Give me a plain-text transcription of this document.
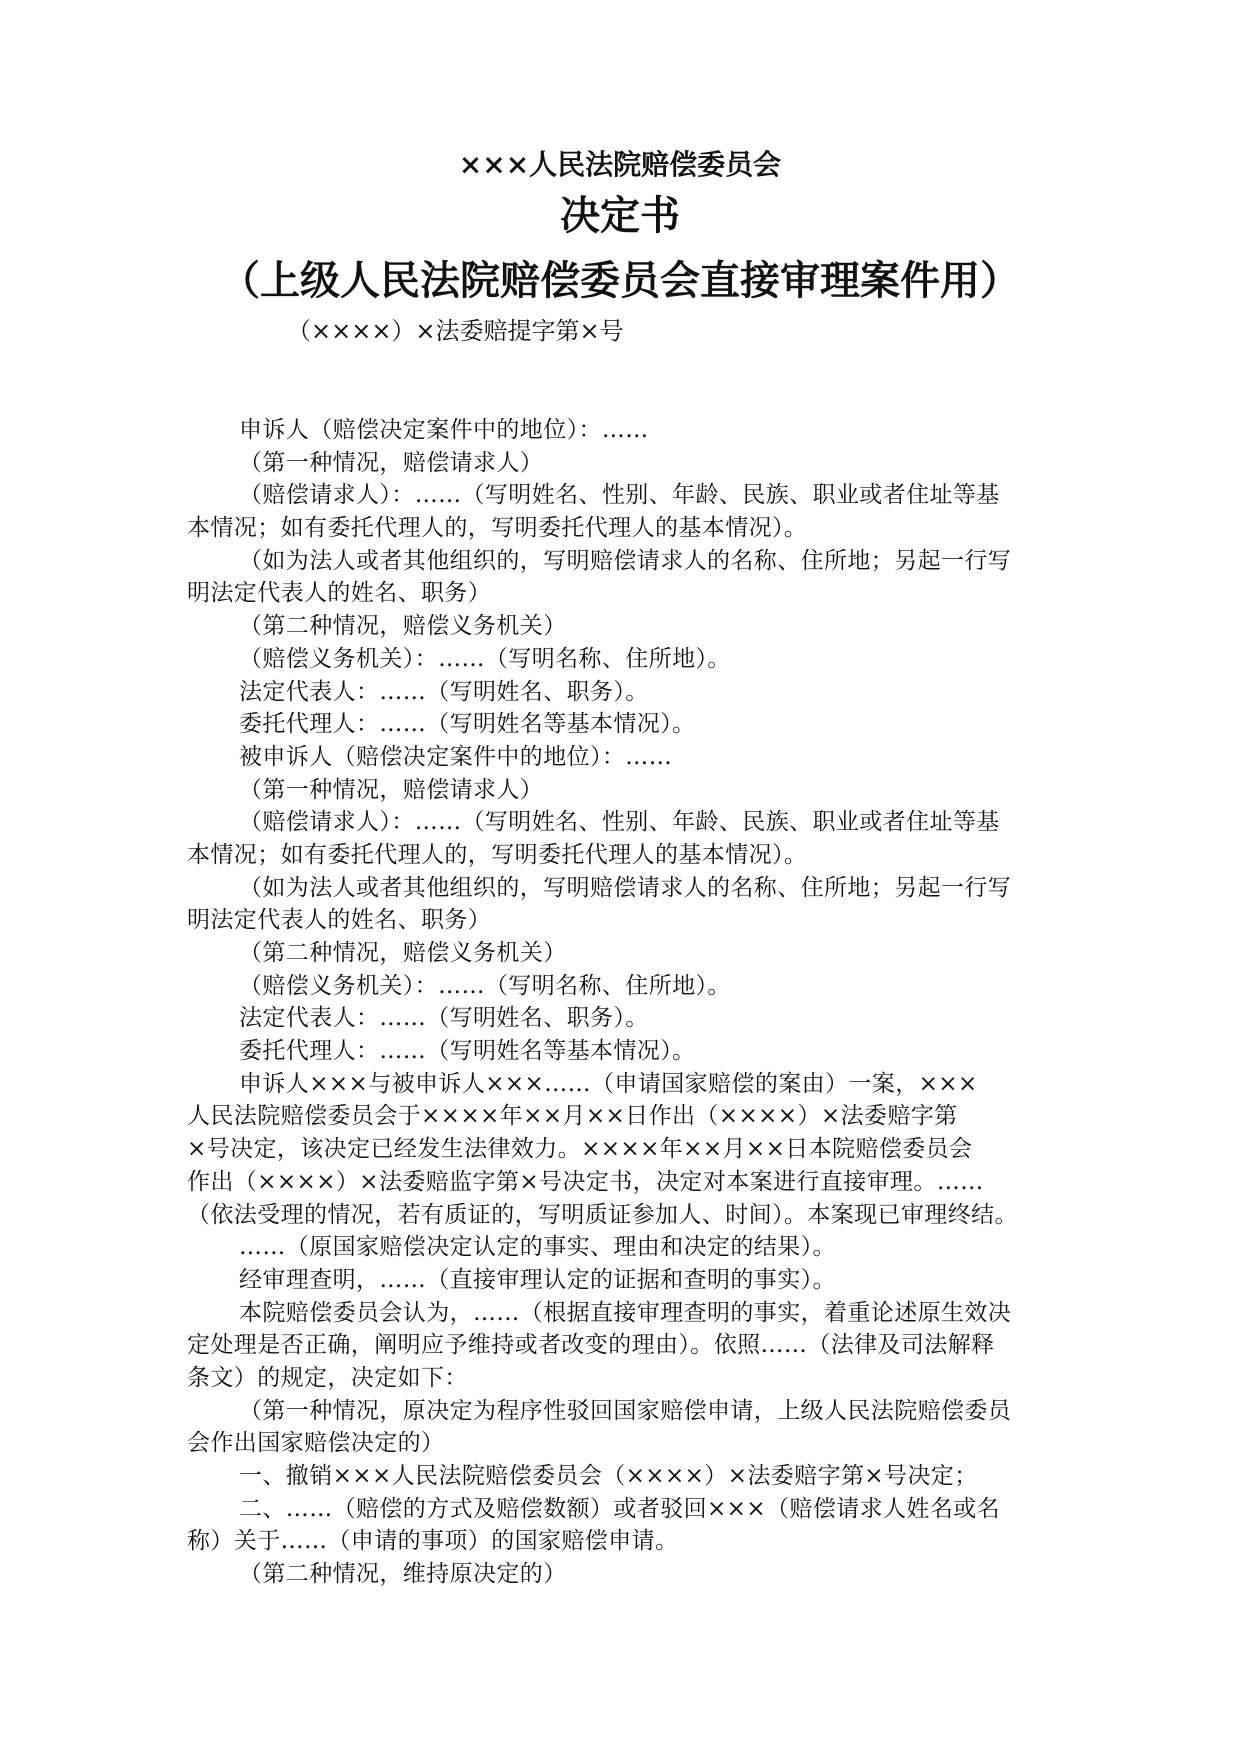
×××人民法院赔偿委员会
决定书
（上级人民法院赔偿委员会直接审理案件用）
（××××）×法委赔提字第×号
申诉人（赔偿决定案件中的地位）：……
（第一种情况，赔偿请求人）
（赔偿请求人）：……（写明姓名、性别、年龄、民族、职业或者住址等基
本情况；如有委托代理人的，写明委托代理人的基本情况）。
（如为法人或者其他组织的，写明赔偿请求人的名称、住所地；另起一行写
明法定代表人的姓名、职务）
（第二种情况，赔偿义务机关）
（赔偿义务机关）：……（写明名称、住所地）。
法定代表人：……（写明姓名、职务）。
委托代理人：……（写明姓名等基本情况）。
被申诉人（赔偿决定案件中的地位）：……
（第一种情况，赔偿请求人）
（赔偿请求人）：……（写明姓名、性别、年龄、民族、职业或者住址等基
本情况；如有委托代理人的，写明委托代理人的基本情况）。
（如为法人或者其他组织的，写明赔偿请求人的名称、住所地；另起一行写
明法定代表人的姓名、职务）
（第二种情况，赔偿义务机关）
（赔偿义务机关）：……（写明名称、住所地）。
法定代表人：……（写明姓名、职务）。
委托代理人：……（写明姓名等基本情况）。
申诉人×××与被申诉人×××……（申请国家赔偿的案由）一案，×××
人民法院赔偿委员会于××××年××月××日作出（××××）×法委赔字第
×号决定，该决定已经发生法律效力。××××年××月××日本院赔偿委员会
作出（××××）×法委赔监字第×号决定书，决定对本案进行直接审理。……
（依法受理的情况，若有质证的，写明质证参加人、时间）。本案现已审理终结。
……（原国家赔偿决定认定的事实、理由和决定的结果）。
经审理查明，……（直接审理认定的证据和查明的事实）。
本院赔偿委员会认为，……（根据直接审理查明的事实，着重论述原生效决
定处理是否正确，阐明应予维持或者改变的理由）。依照……（法律及司法解释
条文）的规定，决定如下：
（第一种情况，原决定为程序性驳回国家赔偿申请，上级人民法院赔偿委员
会作出国家赔偿决定的）
一、撤销×××人民法院赔偿委员会（××××）×法委赔字第×号决定；
二、……（赔偿的方式及赔偿数额）或者驳回×××（赔偿请求人姓名或名
称）关于……（申请的事项）的国家赔偿申请。
（第二种情况，维持原决定的）
